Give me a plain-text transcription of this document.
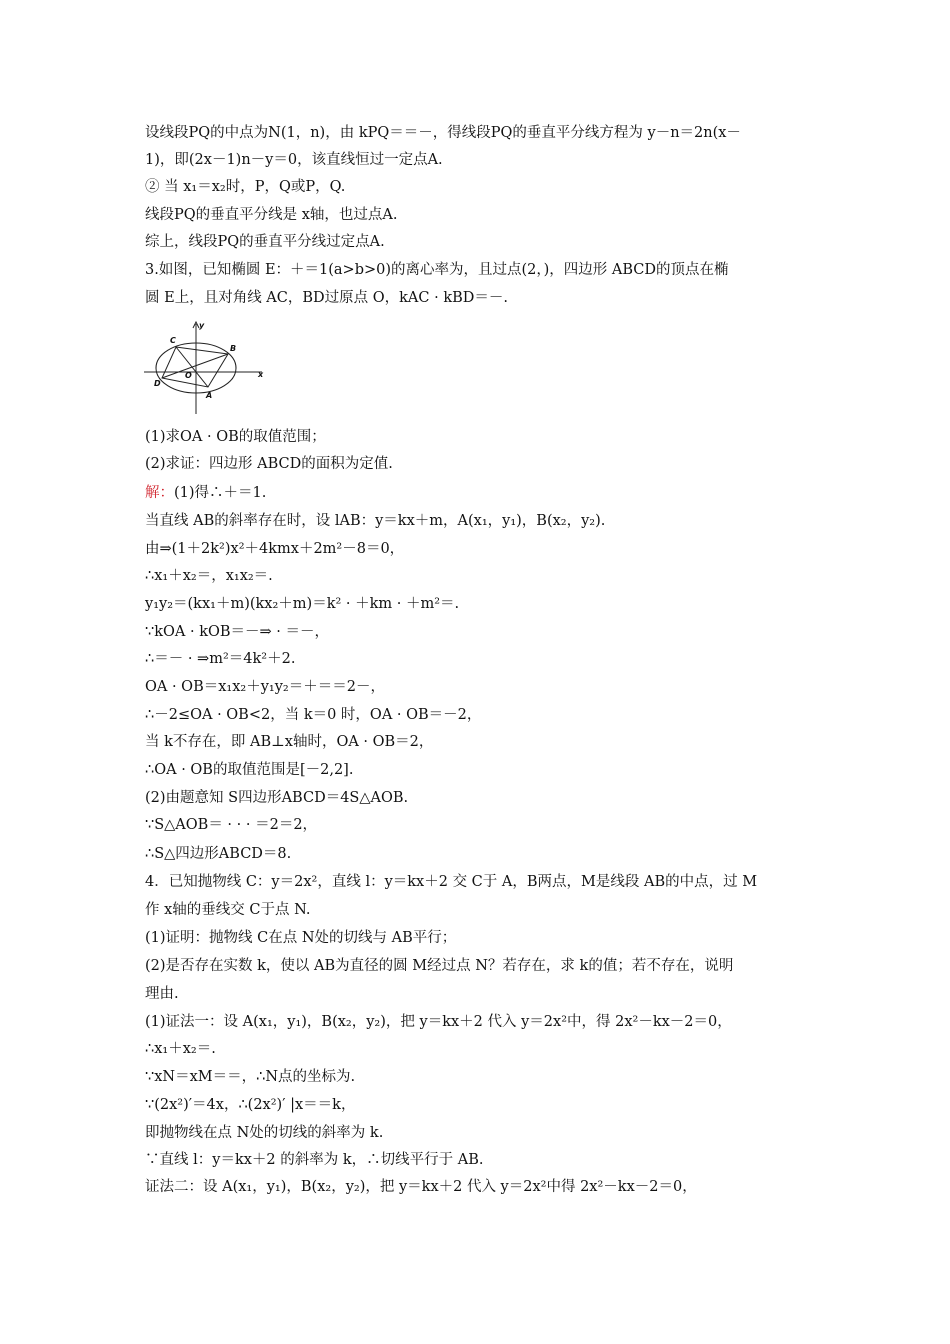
设线段PQ的中点为N(1，n)，由 kPQ＝＝－，得线段PQ的垂直平分线方程为 y－n＝2n(x－
1)，即(2x－1)n－y＝0，该直线恒过一定点A.
② 当 x₁＝x₂时，P，Q或P，Q.
线段PQ的垂直平分线是 x轴，也过点A.
综上，线段PQ的垂直平分线过定点A.
3.如图，已知椭圆 E：＋＝1(a>b>0)的离心率为，且过点(2，)，四边形 ABCD的顶点在椭
圆 E上，且对角线 AC，BD过原点 O，kAC · kBD＝－.
(1)求OA · OB的取值范围；
(2)求证：四边形 ABCD的面积为定值.
解：(1)得∴＋＝1.
当直线 AB的斜率存在时，设 lAB：y＝kx＋m，A(x₁，y₁)，B(x₂，y₂).
由⇒(1＋2k²)x²＋4kmx＋2m²－8＝0，
∴x₁＋x₂＝，x₁x₂＝.
y₁y₂＝(kx₁＋m)(kx₂＋m)＝k² · ＋km · ＋m²＝.
∵kOA · kOB＝－⇒ · ＝－，
∴＝－ · ⇒m²＝4k²＋2.
OA · OB＝x₁x₂＋y₁y₂＝＋＝＝2－，
∴－2≤OA · OB<2，当 k＝0 时，OA · OB＝－2，
当 k不存在，即 AB⊥x轴时，OA · OB＝2，
∴OA · OB的取值范围是[－2,2].
(2)由题意知 S四边形ABCD＝4S△AOB.
∵S△AOB＝ · · · ＝2＝2，
∴S△四边形ABCD＝8.
4．已知抛物线 C：y＝2x²，直线 l：y＝kx＋2 交 C于 A，B两点，M是线段 AB的中点，过 M
作 x轴的垂线交 C于点 N.
(1)证明：抛物线 C在点 N处的切线与 AB平行；
(2)是否存在实数 k，使以 AB为直径的圆 M经过点 N？若存在，求 k的值；若不存在，说明
理由.
(1)证法一：设 A(x₁，y₁)，B(x₂，y₂)，把 y＝kx＋2 代入 y＝2x²中，得 2x²－kx－2＝0，
∴x₁＋x₂＝.
∵xN＝xM＝＝，∴N点的坐标为.
∵(2x²)′＝4x，∴(2x²)′ |x＝＝k，
即抛物线在点 N处的切线的斜率为 k.
∵直线 l：y＝kx＋2 的斜率为 k，∴切线平行于 AB.
证法二：设 A(x₁，y₁)，B(x₂，y₂)，把 y＝kx＋2 代入 y＝2x²中得 2x²－kx－2＝0，
y
x
C
B
O
D
A
